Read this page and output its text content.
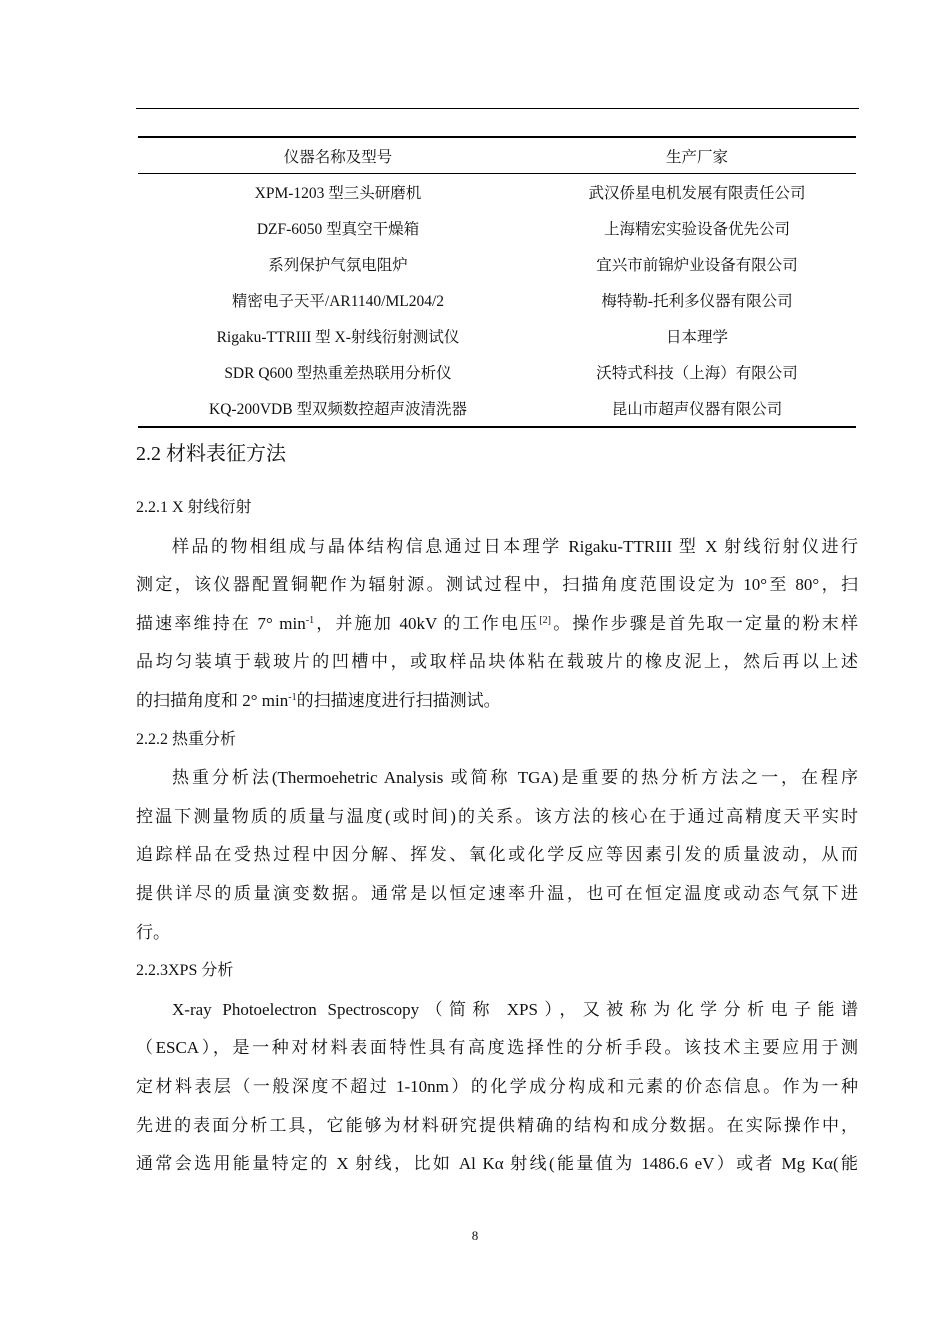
仪器名称及型号	生产厂家
XPM-1203 型三头研磨机	武汉侨星电机发展有限责任公司
DZF-6050 型真空干燥箱	上海精宏实验设备优先公司
系列保护气氛电阻炉	宜兴市前锦炉业设备有限公司
精密电子天平/AR1140/ML204/2	梅特勒-托利多仪器有限公司
Rigaku-TTRIII 型 X-射线衍射测试仪	日本理学
SDR Q600 型热重差热联用分析仪	沃特式科技（上海）有限公司
KQ-200VDB 型双频数控超声波清洗器	昆山市超声仪器有限公司
2.2 材料表征方法
2.2.1 X 射线衍射
样品的物相组成与晶体结构信息通过日本理学 Rigaku-TTRIII 型 X 射线衍射仪进行
测定，该仪器配置铜靶作为辐射源。测试过程中，扫描角度范围设定为 10°至 80°，扫
描速率维持在 7° $\min^{-1}$，并施加 40kV 的工作电压[2]。操作步骤是首先取一定量的粉末样
品均匀装填于载玻片的凹槽中，或取样品块体粘在载玻片的橡皮泥上，然后再以上述
的扫描角度和 2° $\min^{-1}$的扫描速度进行扫描测试。
2.2.2 热重分析
热重分析法(Thermoehetric Analysis 或简称 TGA)是重要的热分析方法之一，在程序
控温下测量物质的质量与温度(或时间)的关系。该方法的核心在于通过高精度天平实时
追踪样品在受热过程中因分解、挥发、氧化或化学反应等因素引发的质量波动，从而
提供详尽的质量演变数据。通常是以恒定速率升温，也可在恒定温度或动态气氛下进
行。
2.2.3XPS 分析
X-ray Photoelectron Spectroscopy（简称 XPS），又被称为化学分析电子能谱
（ESCA），是一种对材料表面特性具有高度选择性的分析手段。该技术主要应用于测
定材料表层（一般深度不超过 1-10nm）的化学成分构成和元素的价态信息。作为一种
先进的表面分析工具，它能够为材料研究提供精确的结构和成分数据。在实际操作中，
通常会选用能量特定的 X 射线，比如 Al Kα 射线(能量值为 1486.6 eV）或者 Mg Kα(能
8
